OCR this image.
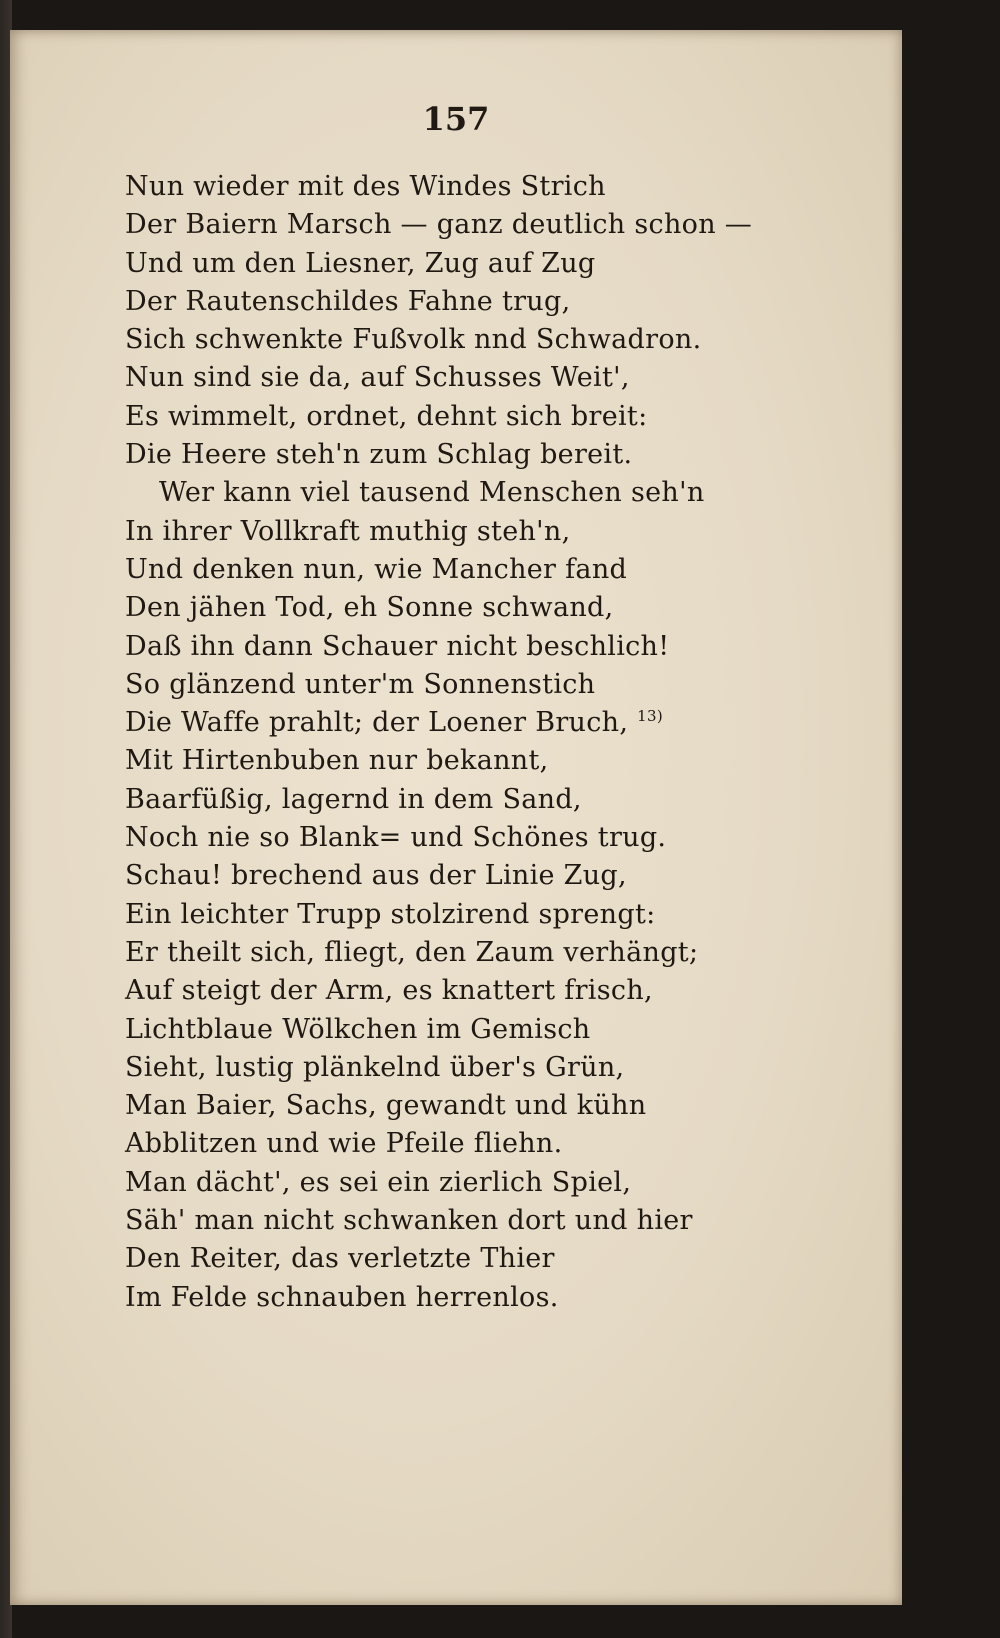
157
Nun wieder mit des Windes Strich
Der Baiern Marsch — ganz deutlich schon —
Und um den Liesner, Zug auf Zug
Der Rautenschildes Fahne trug,
Sich schwenkte Fußvolk nnd Schwadron.
Nun sind sie da, auf Schusses Weit',
Es wimmelt, ordnet, dehnt sich breit:
Die Heere steh'n zum Schlag bereit.
Wer kann viel tausend Menschen seh'n
In ihrer Vollkraft muthig steh'n,
Und denken nun, wie Mancher fand
Den jähen Tod, eh Sonne schwand,
Daß ihn dann Schauer nicht beschlich!
So glänzend unter'm Sonnenstich
Die Waffe prahlt; der Loener Bruch, $^{13)}$
Mit Hirtenbuben nur bekannt,
Baarfüßig, lagernd in dem Sand,
Noch nie so Blank= und Schönes trug.
Schau! brechend aus der Linie Zug,
Ein leichter Trupp stolzirend sprengt:
Er theilt sich, fliegt, den Zaum verhängt;
Auf steigt der Arm, es knattert frisch,
Lichtblaue Wölkchen im Gemisch
Sieht, lustig plänkelnd über's Grün,
Man Baier, Sachs, gewandt und kühn
Abblitzen und wie Pfeile fliehn.
Man dächt', es sei ein zierlich Spiel,
Säh' man nicht schwanken dort und hier
Den Reiter, das verletzte Thier
Im Felde schnauben herrenlos.
